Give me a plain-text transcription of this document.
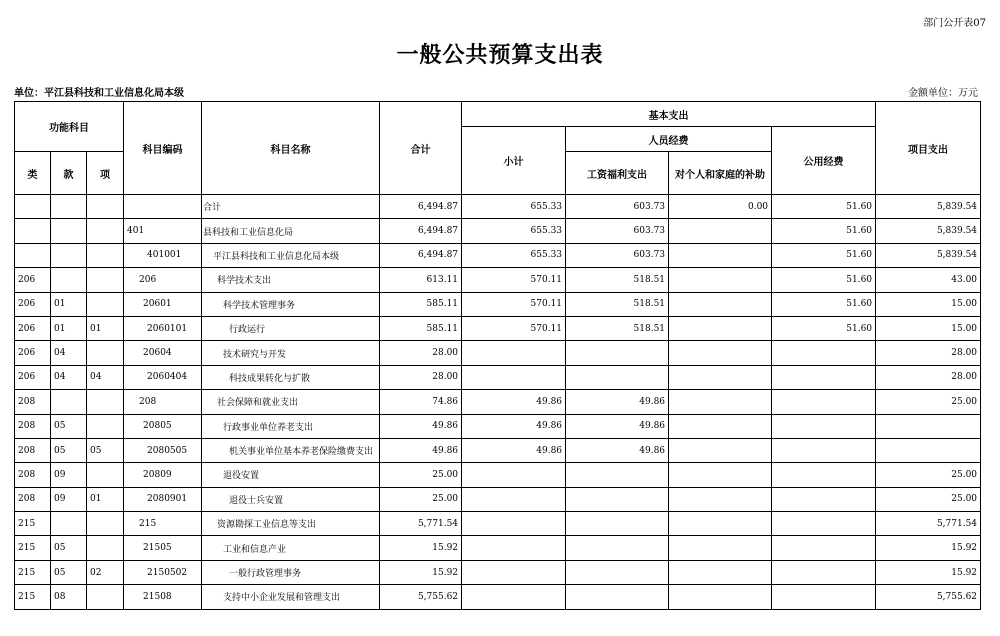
部门公开表07
一般公共预算支出表
单位：平江县科技和工业信息化局本级	金额单位：万元
功能科目			科目编码	科目名称	合计	基本支出				项目支出
						小计	人员经费		公用经费	
类	款	项					工资福利支出	对个人和家庭的补助		
				合计	6,494.87	655.33	603.73	0.00	51.60	5,839.54
			401	县科技和工业信息化局	6,494.87	655.33	603.73		51.60	5,839.54
			401001	平江县科技和工业信息化局本级	6,494.87	655.33	603.73		51.60	5,839.54
206			206	科学技术支出	613.11	570.11	518.51		51.60	43.00
206	01		20601	科学技术管理事务	585.11	570.11	518.51		51.60	15.00
206	01	01	2060101	行政运行	585.11	570.11	518.51		51.60	15.00
206	04		20604	技术研究与开发	28.00					28.00
206	04	04	2060404	科技成果转化与扩散	28.00					28.00
208			208	社会保障和就业支出	74.86	49.86	49.86			25.00
208	05		20805	行政事业单位养老支出	49.86	49.86	49.86			
208	05	05	2080505	机关事业单位基本养老保险缴费支出	49.86	49.86	49.86			
208	09		20809	退役安置	25.00					25.00
208	09	01	2080901	退役士兵安置	25.00					25.00
215			215	资源勘探工业信息等支出	5,771.54					5,771.54
215	05		21505	工业和信息产业	15.92					15.92
215	05	02	2150502	一般行政管理事务	15.92					15.92
215	08		21508	支持中小企业发展和管理支出	5,755.62					5,755.62
